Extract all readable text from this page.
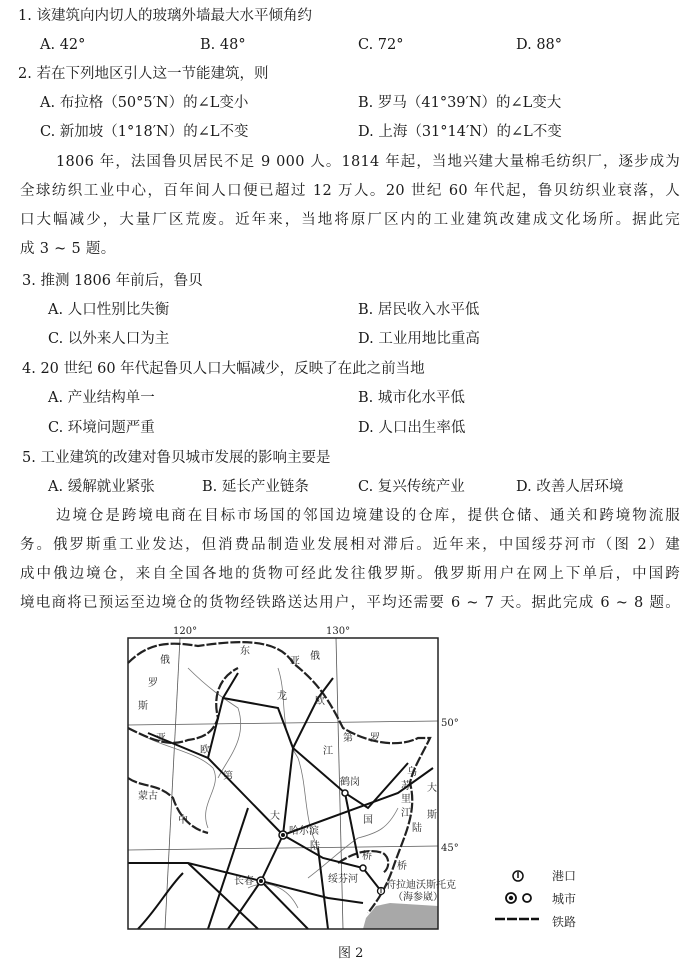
1. 该建筑向内切人的玻璃外墙最大水平倾角约
A. 42°	B. 48°	C. 72°	D. 88°
2. 若在下列地区引人这一节能建筑，则
A. 布拉格（50°5′N）的∠L变小	B. 罗马（41°39′N）的∠L变大
C. 新加坡（1°18′N）的∠L不变	D. 上海（31°14′N）的∠L不变
1806 年，法国鲁贝居民不足 9 000 人。1814 年起，当地兴建大量棉毛纺织厂，逐步成为
全球纺织工业中心，百年间人口便已超过 12 万人。20 世纪 60 年代起，鲁贝纺织业衰落，人
口大幅减少，大量厂区荒废。近年来，当地将原厂区内的工业建筑改建成文化场所。据此完
成 3 ~ 5 题。
3. 推测 1806 年前后，鲁贝
A. 人口性别比失衡	B. 居民收入水平低
C. 以外来人口为主	D. 工业用地比重高
4. 20 世纪 60 年代起鲁贝人口大幅减少，反映了在此之前当地
A. 产业结构单一	B. 城市化水平低
C. 环境问题严重	D. 人口出生率低
5. 工业建筑的改建对鲁贝城市发展的影响主要是
A. 缓解就业紧张	B. 延长产业链条	C. 复兴传统产业	D. 改善人居环境
边境仓是跨境电商在目标市场国的邻国边境建设的仓库，提供仓储、通关和跨境物流服
务。俄罗斯重工业发达，但消费品制造业发展相对滞后。近年来，中国绥芬河市（图 2）建
成中俄边境仓，来自全国各地的货物可经此发往俄罗斯。俄罗斯用户在网上下单后，中国跨
境电商将已预运至边境仓的货物经铁路送达用户，平均还需要 6 ~ 7 天。据此完成 6 ~ 8 题。
120°	130°
50°
45°
俄
罗
斯
亚
欧
第
蒙古
中	大
陆
东
亚 俄
龙	欧
第 罗
江
国
乌
苏
里
江
大
斯
陆
桥
桥
哈尔滨
长春	绥芬河
鹤岗
符拉迪沃斯托克
（海参崴）
港口
城市
铁路
图 2
